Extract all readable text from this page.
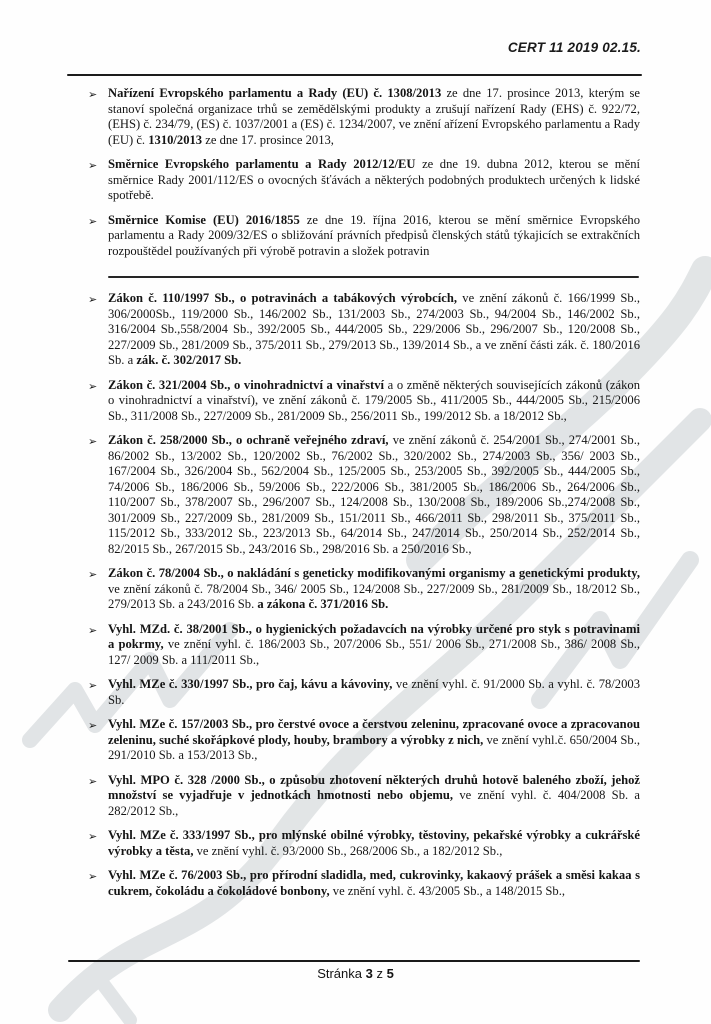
CERT 11 2019 02.15.
➢ Nařízení Evropského parlamentu a Rady (EU) č. 1308/2013 ze dne 17. prosince 2013, kterým se stanoví společná organizace trhů se zemědělskými produkty a zrušují nařízení Rady (EHS) č. 922/72, (EHS) č. 234/79, (ES) č. 1037/2001 a (ES) č. 1234/2007, ve znění ařízení Evropského parlamentu a Rady (EU) č. 1310/2013 ze dne 17. prosince 2013,
➢ Směrnice Evropského parlamentu a Rady 2012/12/EU ze dne 19. dubna 2012, kterou se mění směrnice Rady 2001/112/ES o ovocných šťávách a některých podobných produktech určených k lidské spotřebě.
➢ Směrnice Komise (EU) 2016/1855 ze dne 19. října 2016, kterou se mění směrnice Evropského parlamentu a Rady 2009/32/ES o sbližování právních předpisů členských států týkajicích se extrakčních rozpouštědel používaných při výrobě potravin a složek potravin
➢ Zákon č. 110/1997 Sb., o potravinách a tabákových výrobcích, ve znění zákonů č. 166/1999 Sb., 306/2000Sb., 119/2000 Sb., 146/2002 Sb., 131/2003 Sb., 274/2003 Sb., 94/2004 Sb., 146/2002 Sb., 316/2004 Sb.,558/2004 Sb., 392/2005 Sb., 444/2005 Sb., 229/2006 Sb., 296/2007 Sb., 120/2008 Sb., 227/2009 Sb., 281/2009 Sb., 375/2011 Sb., 279/2013 Sb., 139/2014 Sb., a ve znění části zák. č. 180/2016 Sb. a zák. č. 302/2017 Sb.
➢ Zákon č. 321/2004 Sb., o vinohradnictví a vinařství a o změně některých souvisejících zákonů (zákon o vinohradnictví a vinařství), ve znění zákonů č. 179/2005 Sb., 411/2005 Sb., 444/2005 Sb., 215/2006 Sb., 311/2008 Sb., 227/2009 Sb., 281/2009 Sb., 256/2011 Sb., 199/2012 Sb. a 18/2012 Sb.,
➢ Zákon č. 258/2000 Sb., o ochraně veřejného zdraví, ve znění zákonů č. 254/2001 Sb., 274/2001 Sb., 86/2002 Sb., 13/2002 Sb., 120/2002 Sb., 76/2002 Sb., 320/2002 Sb., 274/2003 Sb., 356/ 2003 Sb., 167/2004 Sb., 326/2004 Sb., 562/2004 Sb., 125/2005 Sb., 253/2005 Sb., 392/2005 Sb., 444/2005 Sb., 74/2006 Sb., 186/2006 Sb., 59/2006 Sb., 222/2006 Sb., 381/2005 Sb., 186/2006 Sb., 264/2006 Sb., 110/2007 Sb., 378/2007 Sb., 296/2007 Sb., 124/2008 Sb., 130/2008 Sb., 189/2006 Sb.,274/2008 Sb., 301/2009 Sb., 227/2009 Sb., 281/2009 Sb., 151/2011 Sb., 466/2011 Sb., 298/2011 Sb., 375/2011 Sb., 115/2012 Sb., 333/2012 Sb., 223/2013 Sb., 64/2014 Sb., 247/2014 Sb., 250/2014 Sb., 252/2014 Sb., 82/2015 Sb., 267/2015 Sb., 243/2016 Sb., 298/2016 Sb. a 250/2016 Sb.,
➢ Zákon č. 78/2004 Sb., o nakládání s geneticky modifikovanými organismy a genetickými produkty, ve znění zákonů č. 78/2004 Sb., 346/ 2005 Sb., 124/2008 Sb., 227/2009 Sb., 281/2009 Sb., 18/2012 Sb., 279/2013 Sb. a 243/2016 Sb. a zákona č. 371/2016 Sb.
➢ Vyhl. MZd. č. 38/2001 Sb., o hygienických požadavcích na výrobky určené pro styk s potravinami a pokrmy, ve znění vyhl. č. 186/2003 Sb., 207/2006 Sb., 551/ 2006 Sb., 271/2008 Sb., 386/ 2008 Sb., 127/ 2009 Sb. a 111/2011 Sb.,
➢ Vyhl. MZe č. 330/1997 Sb., pro čaj, kávu a kávoviny, ve znění vyhl. č. 91/2000 Sb. a vyhl. č. 78/2003 Sb.
➢ Vyhl. MZe č. 157/2003 Sb., pro čerstvé ovoce a čerstvou zeleninu, zpracované ovoce a zpracovanou zeleninu, suché skořápkové plody, houby, brambory a výrobky z nich, ve znění vyhl.č. 650/2004 Sb., 291/2010 Sb. a 153/2013 Sb.,
➢ Vyhl. MPO č. 328 /2000 Sb., o způsobu zhotovení některých druhů hotově baleného zboží, jehož množství se vyjadřuje v jednotkách hmotnosti nebo objemu, ve znění vyhl. č. 404/2008 Sb. a 282/2012 Sb.,
➢ Vyhl. MZe č. 333/1997 Sb., pro mlýnské obilné výrobky, těstoviny, pekařské výrobky a cukrářské výrobky a těsta, ve znění vyhl. č. 93/2000 Sb., 268/2006 Sb., a 182/2012 Sb.,
➢ Vyhl. MZe č. 76/2003 Sb., pro přírodní sladidla, med, cukrovinky, kakaový prášek a směsi kakaa s cukrem, čokoládu a čokoládové bonbony, ve znění vyhl. č. 43/2005 Sb., a 148/2015 Sb.,
Stránka 3 z 5
